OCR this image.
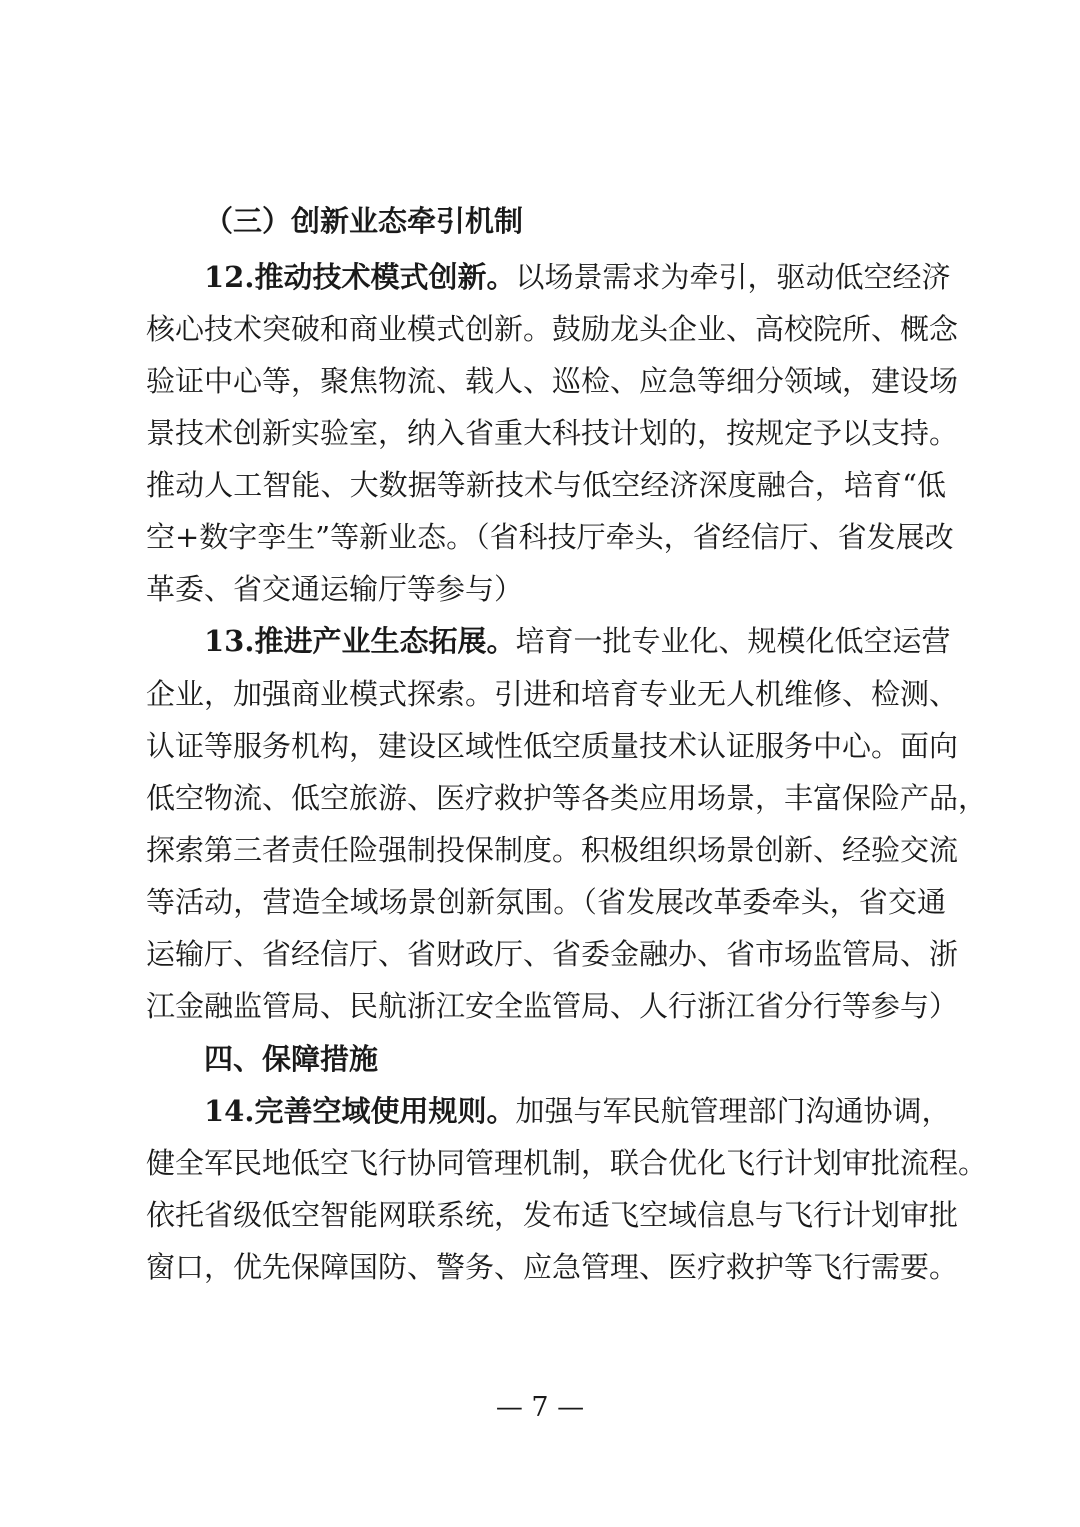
（三）创新业态牵引机制
12.推动技术模式创新。以场景需求为牵引，驱动低空经济
核心技术突破和商业模式创新。鼓励龙头企业、高校院所、概念
验证中心等，聚焦物流、载人、巡检、应急等细分领域，建设场
景技术创新实验室，纳入省重大科技计划的，按规定予以支持。
推动人工智能、大数据等新技术与低空经济深度融合，培育“低
空+数字孪生”等新业态。（省科技厅牵头，省经信厅、省发展改
革委、省交通运输厅等参与）
13.推进产业生态拓展。培育一批专业化、规模化低空运营
企业，加强商业模式探索。引进和培育专业无人机维修、检测、
认证等服务机构，建设区域性低空质量技术认证服务中心。面向
低空物流、低空旅游、医疗救护等各类应用场景，丰富保险产品，
探索第三者责任险强制投保制度。积极组织场景创新、经验交流
等活动，营造全域场景创新氛围。（省发展改革委牵头，省交通
运输厅、省经信厅、省财政厅、省委金融办、省市场监管局、浙
江金融监管局、民航浙江安全监管局、人行浙江省分行等参与）
四、保障措施
14.完善空域使用规则。加强与军民航管理部门沟通协调，
健全军民地低空飞行协同管理机制，联合优化飞行计划审批流程。
依托省级低空智能网联系统，发布适飞空域信息与飞行计划审批
窗口，优先保障国防、警务、应急管理、医疗救护等飞行需要。
— 7 —
